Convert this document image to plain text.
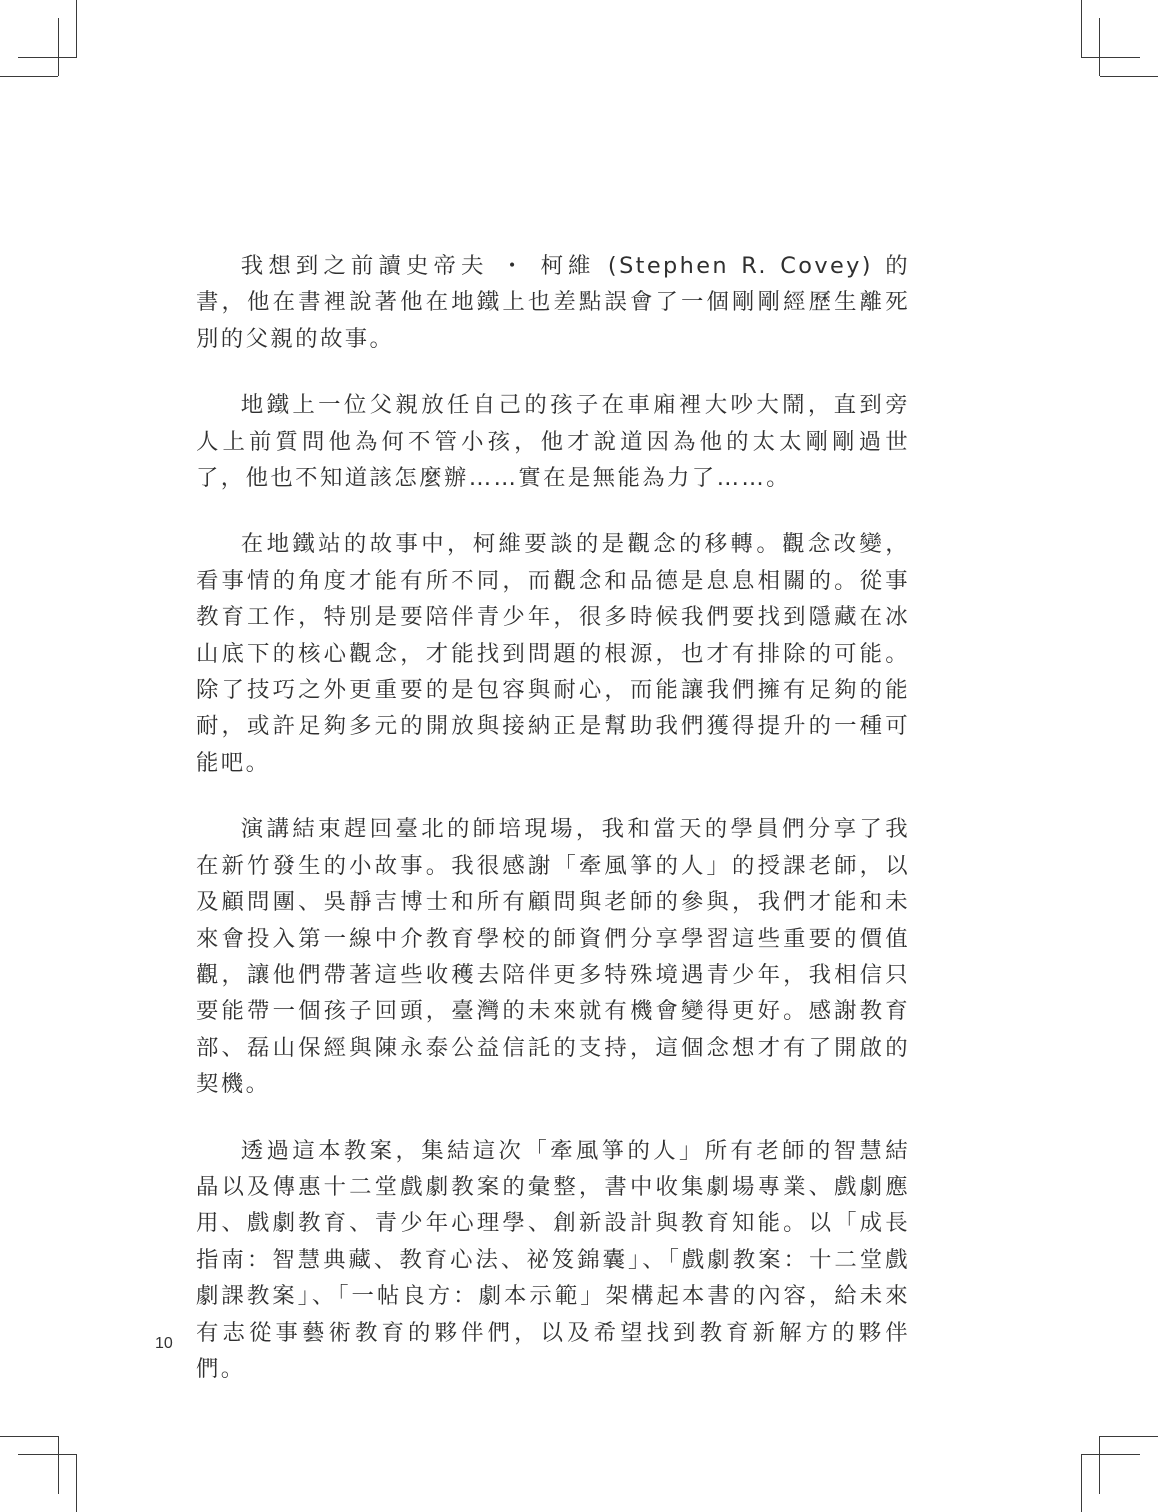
我想到之前讀史帝夫 ・ 柯維 (Stephen R. Covey) 的書，他在書裡說著他在地鐵上也差點誤會了一個剛剛經歷生離死別的父親的故事。

地鐵上一位父親放任自己的孩子在車廂裡大吵大鬧，直到旁人上前質問他為何不管小孩，他才說道因為他的太太剛剛過世了，他也不知道該怎麼辦……實在是無能為力了……。

在地鐵站的故事中，柯維要談的是觀念的移轉。觀念改變，看事情的角度才能有所不同，而觀念和品德是息息相關的。從事教育工作，特別是要陪伴青少年，很多時候我們要找到隱藏在冰山底下的核心觀念，才能找到問題的根源，也才有排除的可能。除了技巧之外更重要的是包容與耐心，而能讓我們擁有足夠的能耐，或許足夠多元的開放與接納正是幫助我們獲得提升的一種可能吧。

演講結束趕回臺北的師培現場，我和當天的學員們分享了我在新竹發生的小故事。我很感謝「牽風箏的人」的授課老師，以及顧問團、吳靜吉博士和所有顧問與老師的參與，我們才能和未來會投入第一線中介教育學校的師資們分享學習這些重要的價值觀，讓他們帶著這些收穫去陪伴更多特殊境遇青少年，我相信只要能帶一個孩子回頭，臺灣的未來就有機會變得更好。感謝教育部、磊山保經與陳永泰公益信託的支持，這個念想才有了開啟的契機。

透過這本教案，集結這次「牽風箏的人」所有老師的智慧結晶以及傳惠十二堂戲劇教案的彙整，書中收集劇場專業、戲劇應用、戲劇教育、青少年心理學、創新設計與教育知能。以「成長指南：智慧典藏、教育心法、祕笈錦囊」、「戲劇教案：十二堂戲劇課教案」、「一帖良方：劇本示範」架構起本書的內容，給未來有志從事藝術教育的夥伴們，以及希望找到教育新解方的夥伴們。

10
